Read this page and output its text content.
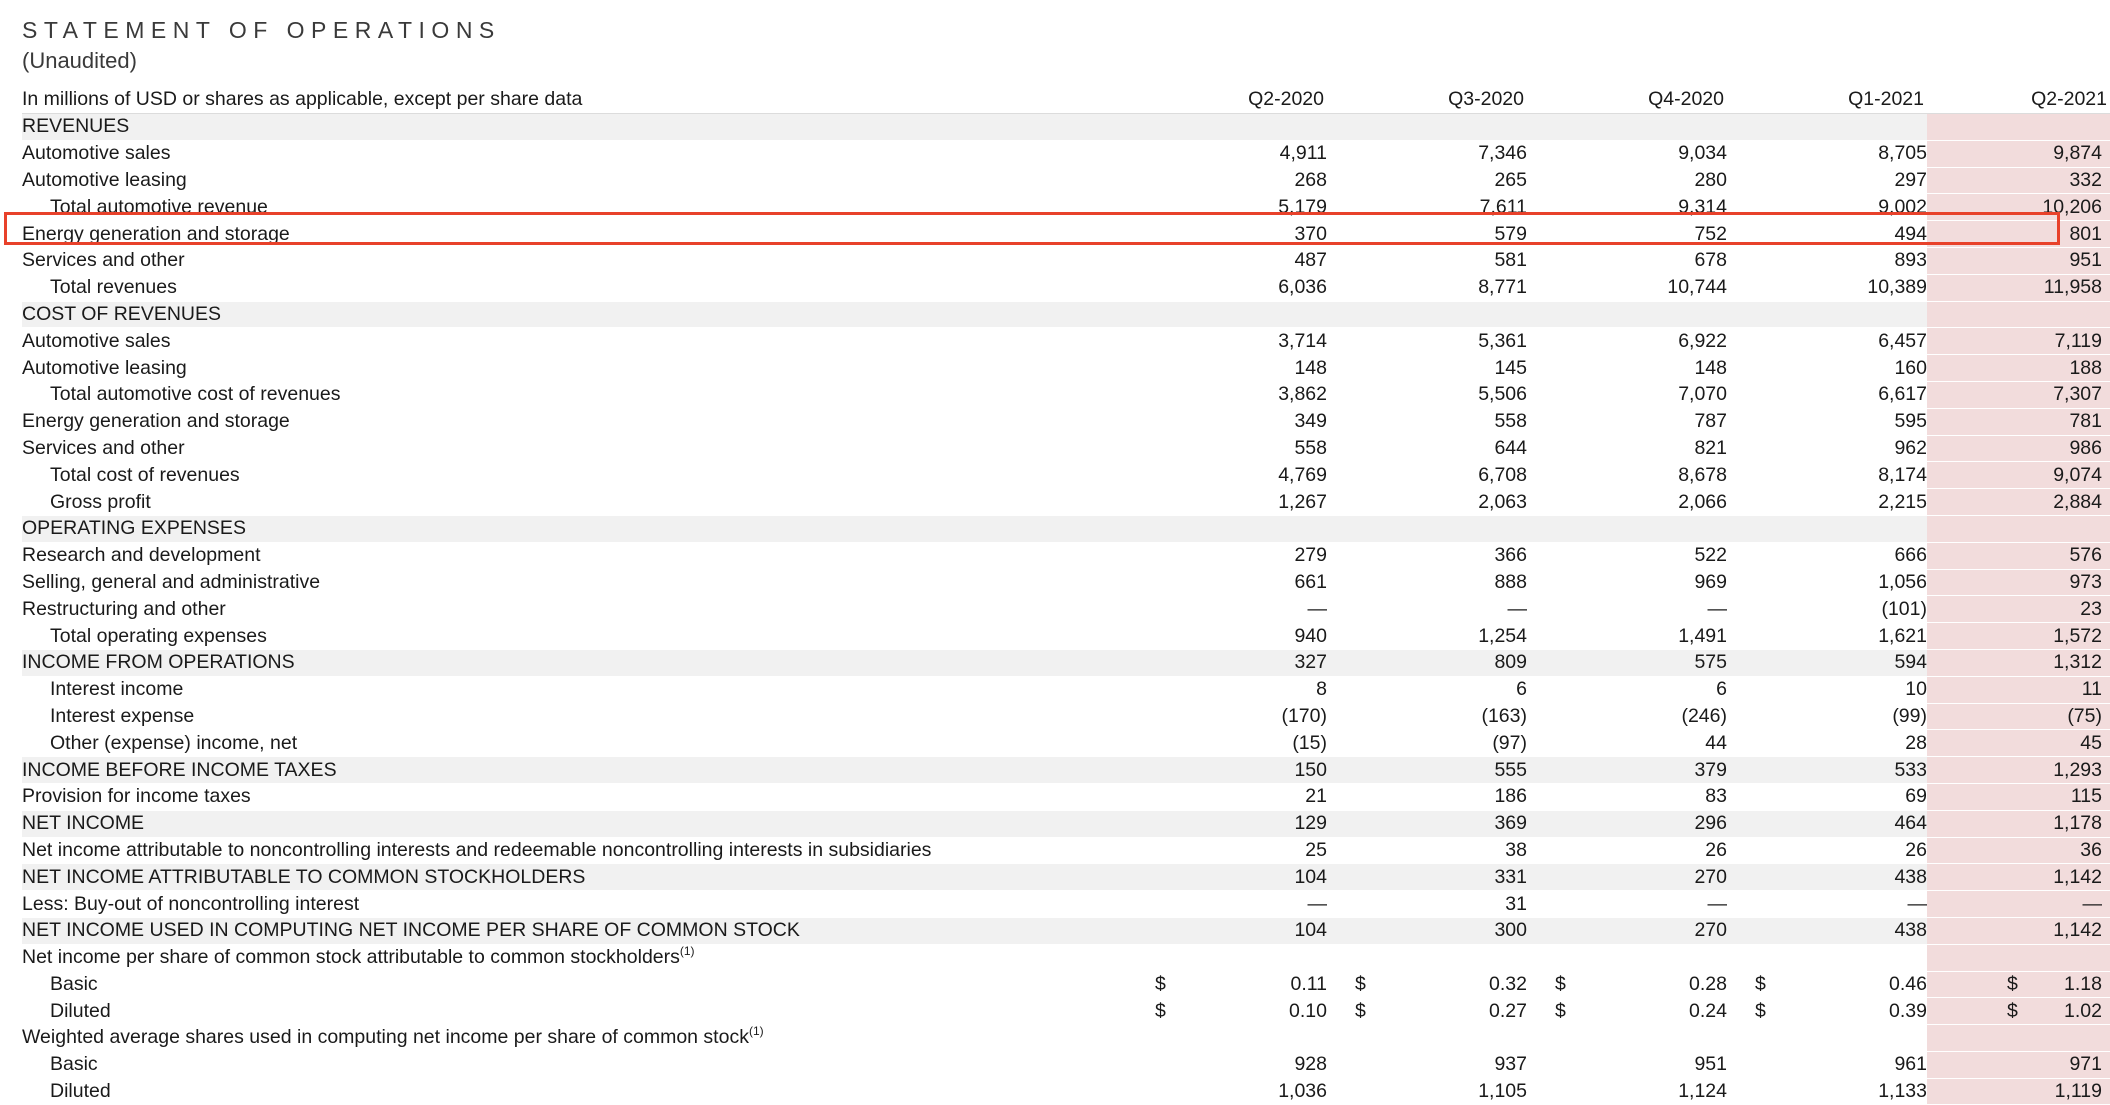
STATEMENT OF OPERATIONS
(Unaudited)
In millions of USD or shares as applicable, except per share data	Q2-2020	Q3-2020	Q4-2020	Q1-2021	Q2-2021
REVENUES					
Automotive sales	4,911	7,346	9,034	8,705	9,874
Automotive leasing	268	265	280	297	332
Total automotive revenue	5,179	7,611	9,314	9,002	10,206
Energy generation and storage	370	579	752	494	801
Services and other	487	581	678	893	951
Total revenues	6,036	8,771	10,744	10,389	11,958
COST OF REVENUES					
Automotive sales	3,714	5,361	6,922	6,457	7,119
Automotive leasing	148	145	148	160	188
Total automotive cost of revenues	3,862	5,506	7,070	6,617	7,307
Energy generation and storage	349	558	787	595	781
Services and other	558	644	821	962	986
Total cost of revenues	4,769	6,708	8,678	8,174	9,074
Gross profit	1,267	2,063	2,066	2,215	2,884
OPERATING EXPENSES					
Research and development	279	366	522	666	576
Selling, general and administrative	661	888	969	1,056	973
Restructuring and other	—	—	—	(101)	23
Total operating expenses	940	1,254	1,491	1,621	1,572
INCOME FROM OPERATIONS	327	809	575	594	1,312
Interest income	8	6	6	10	11
Interest expense	(170)	(163)	(246)	(99)	(75)
Other (expense) income, net	(15)	(97)	44	28	45
INCOME BEFORE INCOME TAXES	150	555	379	533	1,293
Provision for income taxes	21	186	83	69	115
NET INCOME	129	369	296	464	1,178
Net income attributable to noncontrolling interests and redeemable noncontrolling interests in subsidiaries	25	38	26	26	36
NET INCOME ATTRIBUTABLE TO COMMON STOCKHOLDERS	104	331	270	438	1,142
Less: Buy-out of noncontrolling interest	—	31	—	—	—
NET INCOME USED IN COMPUTING NET INCOME PER SHARE OF COMMON STOCK	104	300	270	438	1,142
Net income per share of common stock attributable to common stockholders$^{(1)}$					
Basic	$ 0.11	$ 0.32	$ 0.28	$ 0.46	$ 1.18

Diluted	$ 0.10	$ 0.27	$ 0.24	$ 0.39	$ 1.02

Weighted average shares used in computing net income per share of common stock$^{(1)}$					
Basic	928	937	951	961	971
Diluted	1,036	1,105	1,124	1,133	1,119
